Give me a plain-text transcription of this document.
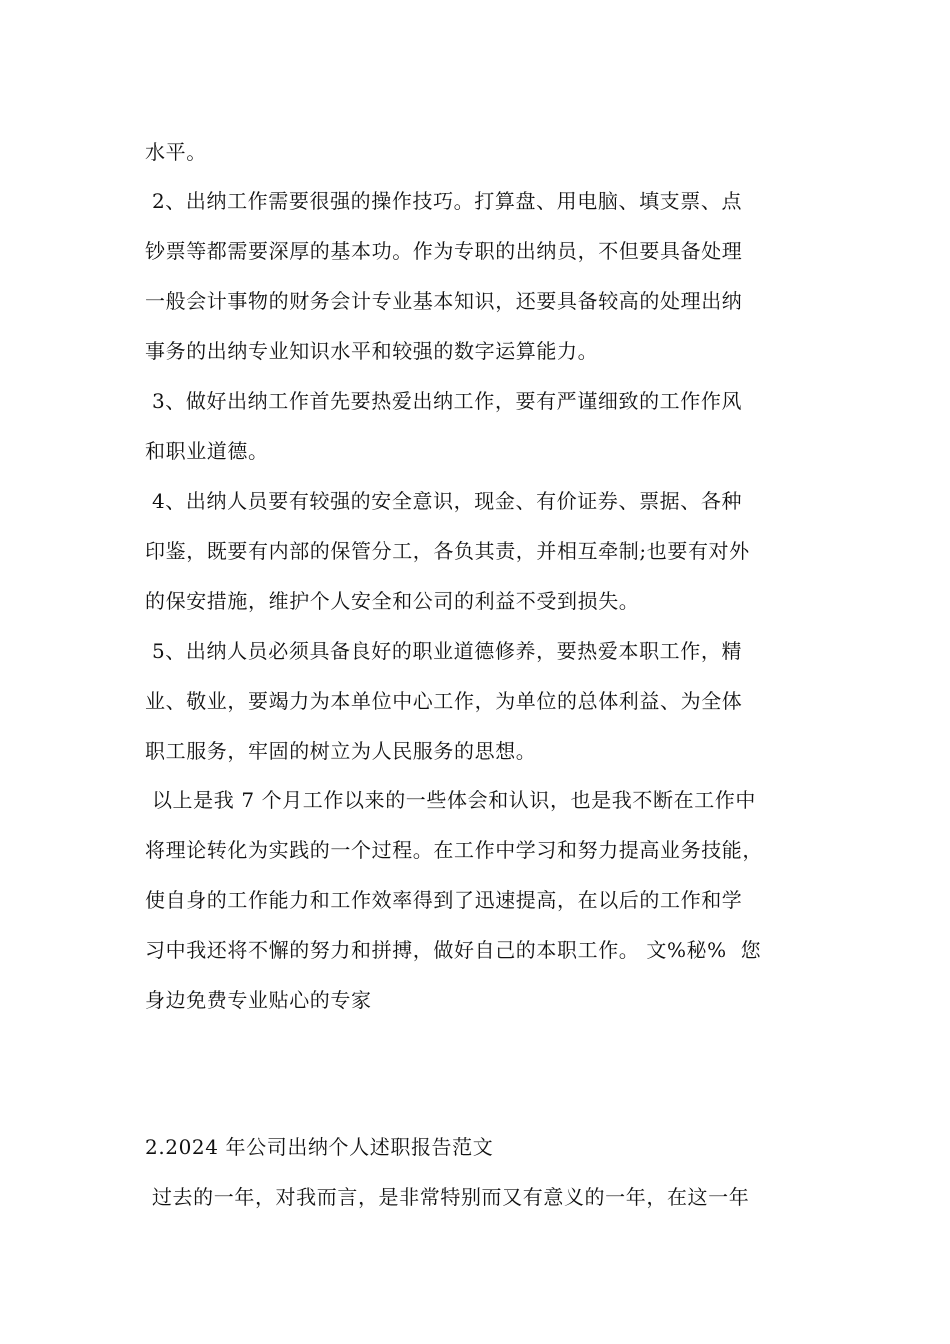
水平。
2、出纳工作需要很强的操作技巧。打算盘、用电脑、填支票、点
钞票等都需要深厚的基本功。作为专职的出纳员，不但要具备处理
一般会计事物的财务会计专业基本知识，还要具备较高的处理出纳
事务的出纳专业知识水平和较强的数字运算能力。
3、做好出纳工作首先要热爱出纳工作，要有严谨细致的工作作风
和职业道德。
4、出纳人员要有较强的安全意识，现金、有价证券、票据、各种
印鉴，既要有内部的保管分工，各负其责，并相互牵制;也要有对外
的保安措施，维护个人安全和公司的利益不受到损失。
5、出纳人员必须具备良好的职业道德修养，要热爱本职工作，精
业、敬业，要竭力为本单位中心工作，为单位的总体利益、为全体
职工服务，牢固的树立为人民服务的思想。
以上是我 7 个月工作以来的一些体会和认识，也是我不断在工作中
将理论转化为实践的一个过程。在工作中学习和努力提高业务技能，
使自身的工作能力和工作效率得到了迅速提高，在以后的工作和学
习中我还将不懈的努力和拼搏，做好自己的本职工作。 文%秘%  您
身边免费专业贴心的专家
2.2024 年公司出纳个人述职报告范文
过去的一年，对我而言，是非常特别而又有意义的一年，在这一年
